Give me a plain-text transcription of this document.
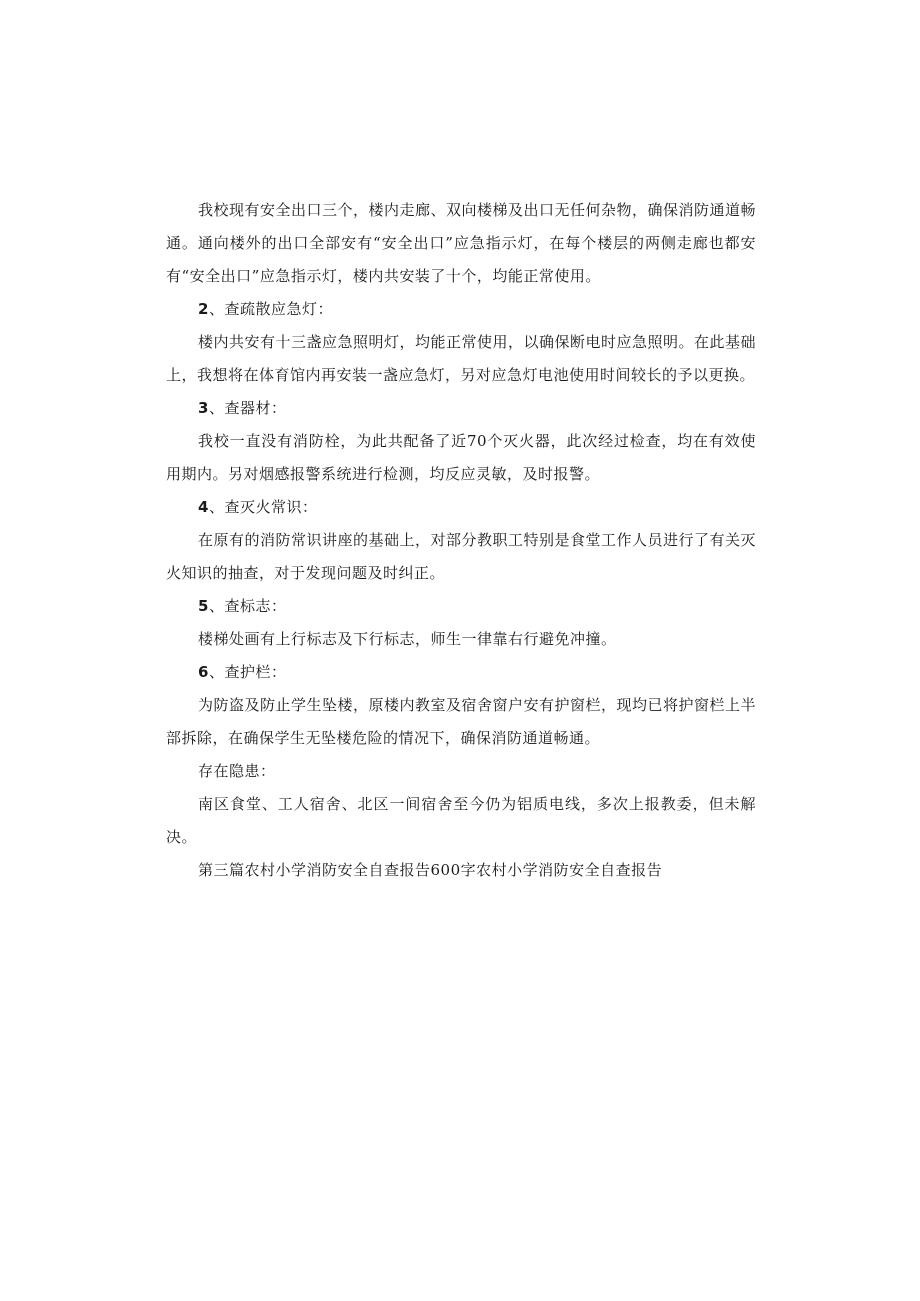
我校现有安全出口三个，楼内走廊、双向楼梯及出口无任何杂物，确保消防通道畅通。通向楼外的出口全部安有“安全出口”应急指示灯，在每个楼层的两侧走廊也都安有“安全出口”应急指示灯，楼内共安装了十个，均能正常使用。

2、查疏散应急灯：

楼内共安有十三盏应急照明灯，均能正常使用，以确保断电时应急照明。在此基础上，我想将在体育馆内再安装一盏应急灯，另对应急灯电池使用时间较长的予以更换。

3、查器材：

我校一直没有消防栓，为此共配备了近70个灭火器，此次经过检查，均在有效使用期内。另对烟感报警系统进行检测，均反应灵敏，及时报警。

4、查灭火常识：

在原有的消防常识讲座的基础上，对部分教职工特别是食堂工作人员进行了有关灭火知识的抽查，对于发现问题及时纠正。

5、查标志：

楼梯处画有上行标志及下行标志，师生一律靠右行避免冲撞。

6、查护栏：

为防盗及防止学生坠楼，原楼内教室及宿舍窗户安有护窗栏，现均已将护窗栏上半部拆除，在确保学生无坠楼危险的情况下，确保消防通道畅通。

存在隐患：

南区食堂、工人宿舍、北区一间宿舍至今仍为铝质电线，多次上报教委，但未解决。

第三篇农村小学消防安全自查报告600字农村小学消防安全自查报告
